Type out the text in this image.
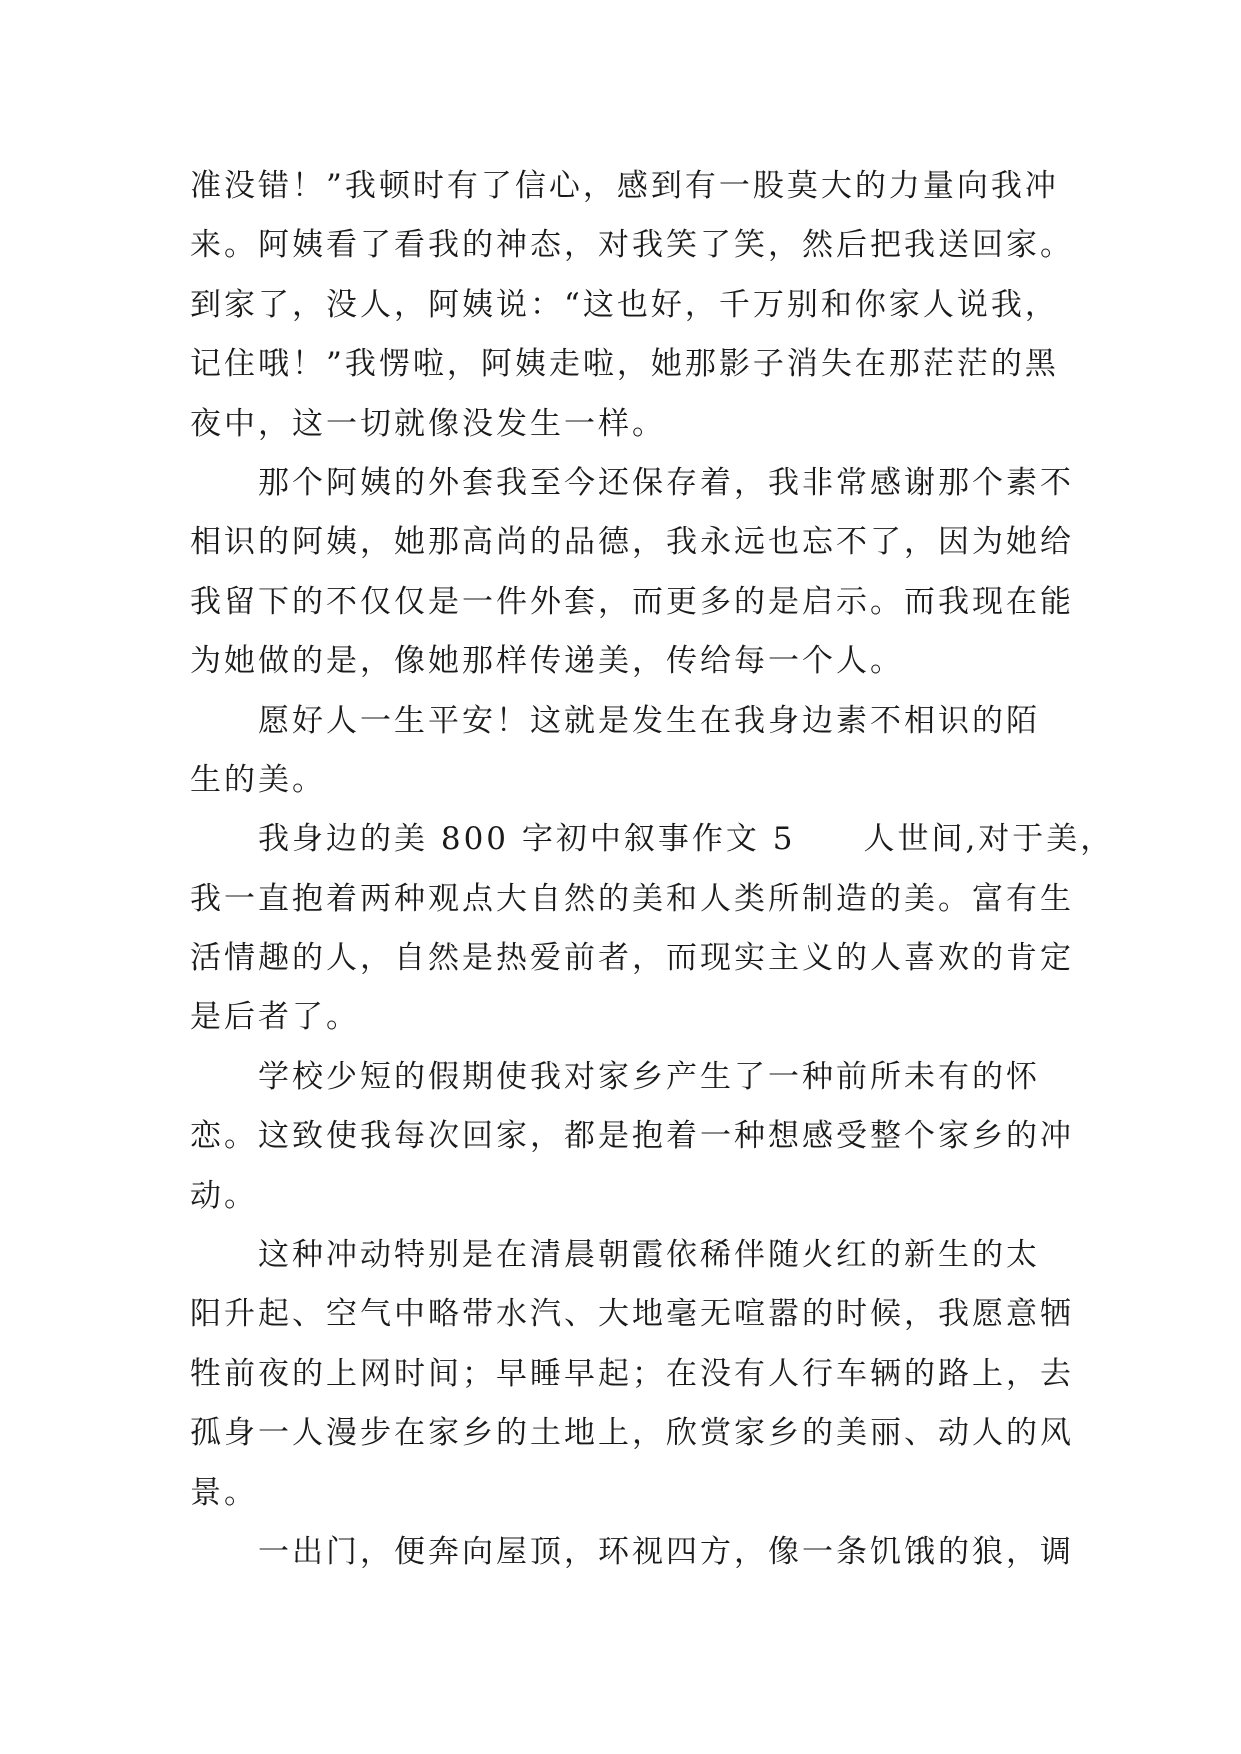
准没错！”我顿时有了信心，感到有一股莫大的力量向我冲
来。阿姨看了看我的神态，对我笑了笑，然后把我送回家。
到家了，没人，阿姨说：“这也好，千万别和你家人说我，
记住哦！”我愣啦，阿姨走啦，她那影子消失在那茫茫的黑
夜中，这一切就像没发生一样。
那个阿姨的外套我至今还保存着，我非常感谢那个素不
相识的阿姨，她那高尚的品德，我永远也忘不了，因为她给
我留下的不仅仅是一件外套，而更多的是启示。而我现在能
为她做的是，像她那样传递美，传给每一个人。
愿好人一生平安！这就是发生在我身边素不相识的陌
生的美。
我身边的美 800 字初中叙事作文 5　　人世间,对于美，
我一直抱着两种观点大自然的美和人类所制造的美。富有生
活情趣的人，自然是热爱前者，而现实主义的人喜欢的肯定
是后者了。
学校少短的假期使我对家乡产生了一种前所未有的怀
恋。这致使我每次回家，都是抱着一种想感受整个家乡的冲
动。
这种冲动特别是在清晨朝霞依稀伴随火红的新生的太
阳升起、空气中略带水汽、大地毫无喧嚣的时候，我愿意牺
牲前夜的上网时间；早睡早起；在没有人行车辆的路上，去
孤身一人漫步在家乡的土地上，欣赏家乡的美丽、动人的风
景。
一出门，便奔向屋顶，环视四方，像一条饥饿的狼，调
